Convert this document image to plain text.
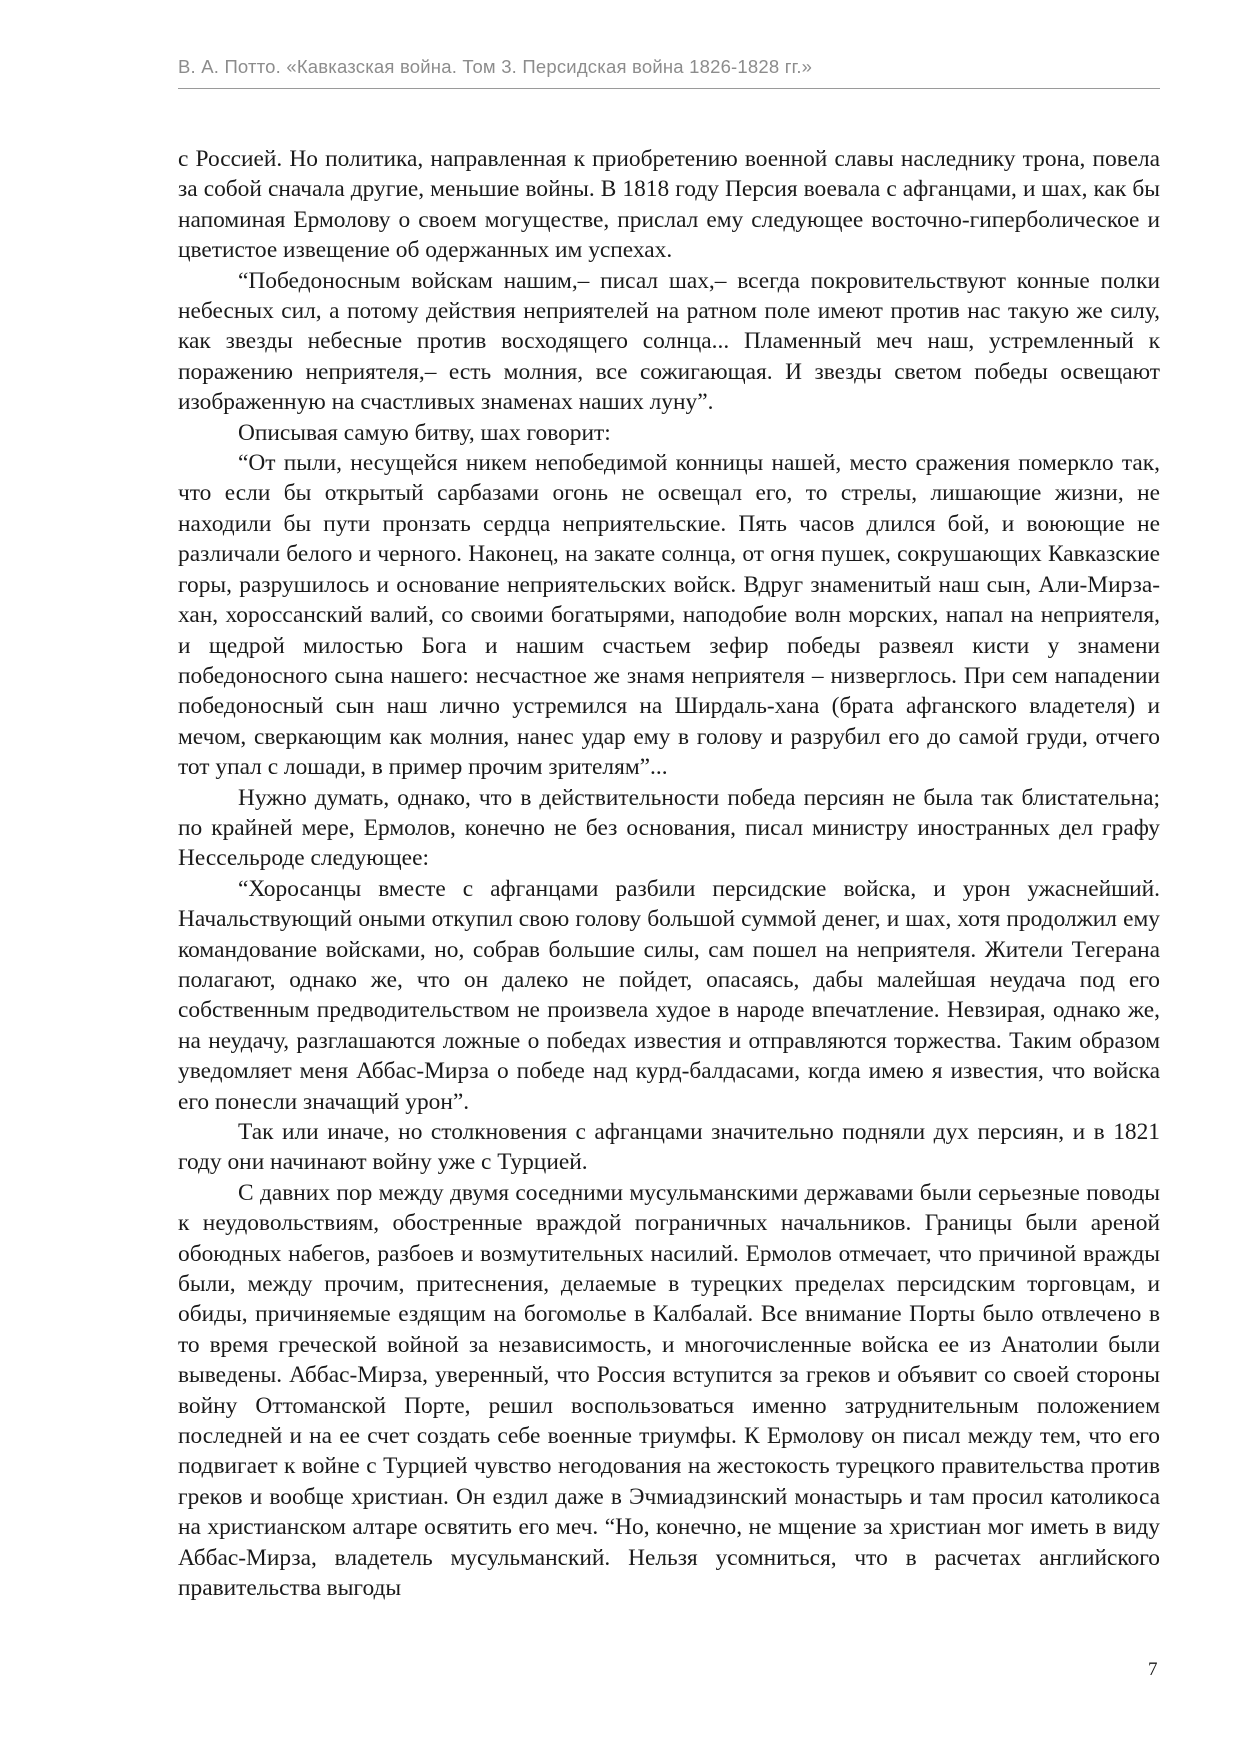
В. А. Потто. «Кавказская война. Том 3. Персидская война 1826-1828 гг.»

с Россией. Но политика, направленная к приобретению военной славы наследнику трона, повела за собой сначала другие, меньшие войны. В 1818 году Персия воевала с афганцами, и шах, как бы напоминая Ермолову о своем могуществе, прислал ему следующее восточно-гиперболическое и цветистое извещение об одержанных им успехах.

“Победоносным войскам нашим,– писал шах,– всегда покровительствуют конные полки небесных сил, а потому действия неприятелей на ратном поле имеют против нас такую же силу, как звезды небесные против восходящего солнца... Пламенный меч наш, устремленный к поражению неприятеля,– есть молния, все сожигающая. И звезды светом победы освещают изображенную на счастливых знаменах наших луну”.

Описывая самую битву, шах говорит:

“От пыли, несущейся никем непобедимой конницы нашей, место сражения померкло так, что если бы открытый сарбазами огонь не освещал его, то стрелы, лишающие жизни, не находили бы пути пронзать сердца неприятельские. Пять часов длился бой, и воюющие не различали белого и черного. Наконец, на закате солнца, от огня пушек, сокрушающих Кавказские горы, разрушилось и основание неприятельских войск. Вдруг знаменитый наш сын, Али-Мирза-хан, хороссанский валий, со своими богатырями, наподобие волн морских, напал на неприятеля, и щедрой милостью Бога и нашим счастьем зефир победы развеял кисти у знамени победоносного сына нашего: несчастное же знамя неприятеля – низверглось. При сем нападении победоносный сын наш лично устремился на Ширдаль-хана (брата афганского владетеля) и мечом, сверкающим как молния, нанес удар ему в голову и разрубил его до самой груди, отчего тот упал с лошади, в пример прочим зрителям”...

Нужно думать, однако, что в действительности победа персиян не была так блистательна; по крайней мере, Ермолов, конечно не без основания, писал министру иностранных дел графу Нессельроде следующее:

“Хоросанцы вместе с афганцами разбили персидские войска, и урон ужаснейший. Начальствующий оными откупил свою голову большой суммой денег, и шах, хотя продолжил ему командование войсками, но, собрав большие силы, сам пошел на неприятеля. Жители Тегерана полагают, однако же, что он далеко не пойдет, опасаясь, дабы малейшая неудача под его собственным предводительством не произвела худое в народе впечатление. Невзирая, однако же, на неудачу, разглашаются ложные о победах известия и отправляются торжества. Таким образом уведомляет меня Аббас-Мирза о победе над курд-балдасами, когда имею я известия, что войска его понесли значащий урон”.

Так или иначе, но столкновения с афганцами значительно подняли дух персиян, и в 1821 году они начинают войну уже с Турцией.

С давних пор между двумя соседними мусульманскими державами были серьезные поводы к неудовольствиям, обостренные враждой пограничных начальников. Границы были ареной обоюдных набегов, разбоев и возмутительных насилий. Ермолов отмечает, что причиной вражды были, между прочим, притеснения, делаемые в турецких пределах персидским торговцам, и обиды, причиняемые ездящим на богомолье в Калбалай. Все внимание Порты было отвлечено в то время греческой войной за независимость, и многочисленные войска ее из Анатолии были выведены. Аббас-Мирза, уверенный, что Россия вступится за греков и объявит со своей стороны войну Оттоманской Порте, решил воспользоваться именно затруднительным положением последней и на ее счет создать себе военные триумфы. К Ермолову он писал между тем, что его подвигает к войне с Турцией чувство негодования на жестокость турецкого правительства против греков и вообще христиан. Он ездил даже в Эчмиадзинский монастырь и там просил католикоса на христианском алтаре освятить его меч. “Но, конечно, не мщение за христиан мог иметь в виду Аббас-Мирза, владетель мусульманский. Нельзя усомниться, что в расчетах английского правительства выгоды

7
